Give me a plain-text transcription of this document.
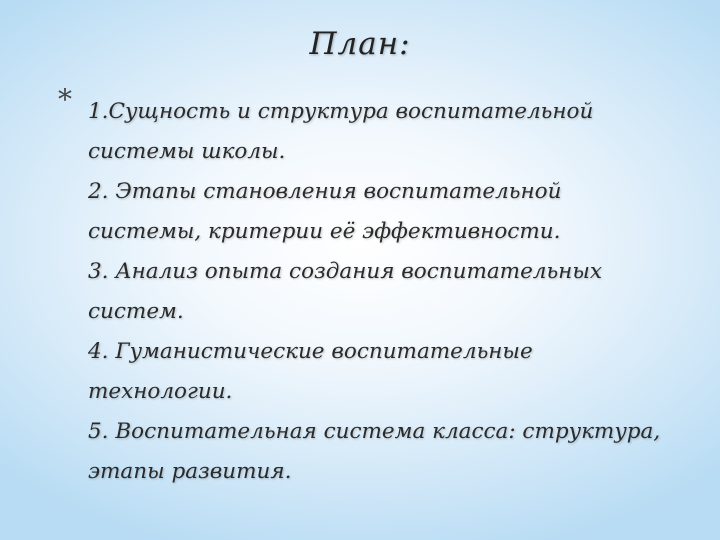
План:
* 1.Сущность и структура воспитательной системы школы.
2. Этапы становления воспитательной системы, критерии её эффективности.
3. Анализ опыта создания воспитательных систем.
4. Гуманистические воспитательные технологии.
5. Воспитательная система класса: структура, этапы развития.
